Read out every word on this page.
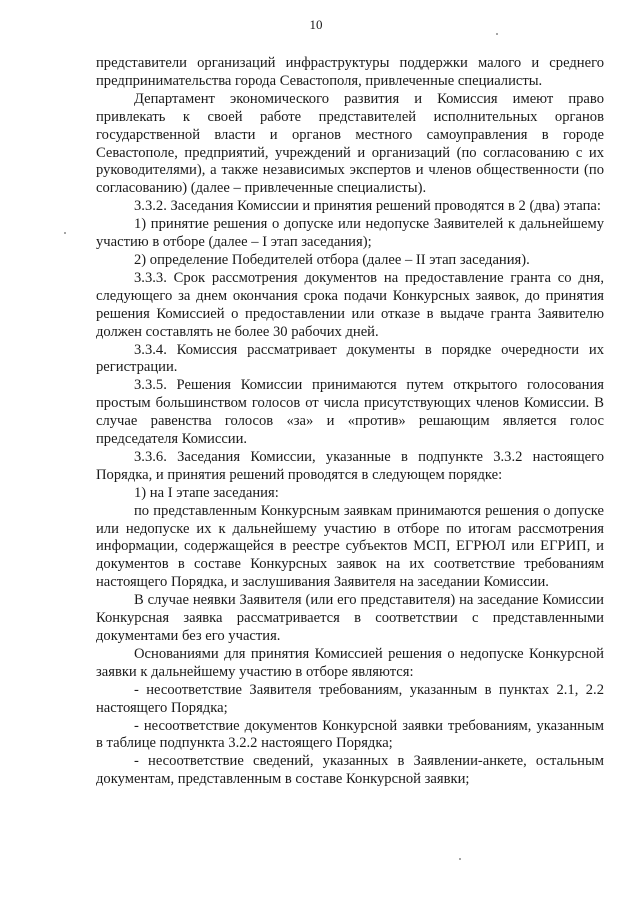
10

представители организаций инфраструктуры поддержки малого и среднего предпринимательства города Севастополя, привлеченные специалисты.

Департамент экономического развития и Комиссия имеют право привлекать к своей работе представителей исполнительных органов государственной власти и органов местного самоуправления в городе Севастополе, предприятий, учреждений и организаций (по согласованию с их руководителями), а также независимых экспертов и членов общественности (по согласованию) (далее – привлеченные специалисты).

3.3.2. Заседания Комиссии и принятия решений проводятся в 2 (два) этапа:

1) принятие решения о допуске или недопуске Заявителей к дальнейшему участию в отборе (далее – I этап заседания);

2) определение Победителей отбора (далее – II этап заседания).

3.3.3. Срок рассмотрения документов на предоставление гранта со дня, следующего за днем окончания срока подачи Конкурсных заявок, до принятия решения Комиссией о предоставлении или отказе в выдаче гранта Заявителю должен составлять не более 30 рабочих дней.

3.3.4. Комиссия рассматривает документы в порядке очередности их регистрации.

3.3.5. Решения Комиссии принимаются путем открытого голосования простым большинством голосов от числа присутствующих членов Комиссии. В случае равенства голосов «за» и «против» решающим является голос председателя Комиссии.

3.3.6. Заседания Комиссии, указанные в подпункте 3.3.2 настоящего Порядка, и принятия решений проводятся в следующем порядке:

1) на I этапе заседания:

по представленным Конкурсным заявкам принимаются решения о допуске или недопуске их к дальнейшему участию в отборе по итогам рассмотрения информации, содержащейся в реестре субъектов МСП, ЕГРЮЛ или ЕГРИП, и документов в составе Конкурсных заявок на их соответствие требованиям настоящего Порядка, и заслушивания Заявителя на заседании Комиссии.

В случае неявки Заявителя (или его представителя) на заседание Комиссии Конкурсная заявка рассматривается в соответствии с представленными документами без его участия.

Основаниями для принятия Комиссией решения о недопуске Конкурсной заявки к дальнейшему участию в отборе являются:

- несоответствие Заявителя требованиям, указанным в пунктах 2.1, 2.2 настоящего Порядка;

- несоответствие документов Конкурсной заявки требованиям, указанным в таблице подпункта 3.2.2 настоящего Порядка;

- несоответствие сведений, указанных в Заявлении-анкете, остальным документам, представленным в составе Конкурсной заявки;
